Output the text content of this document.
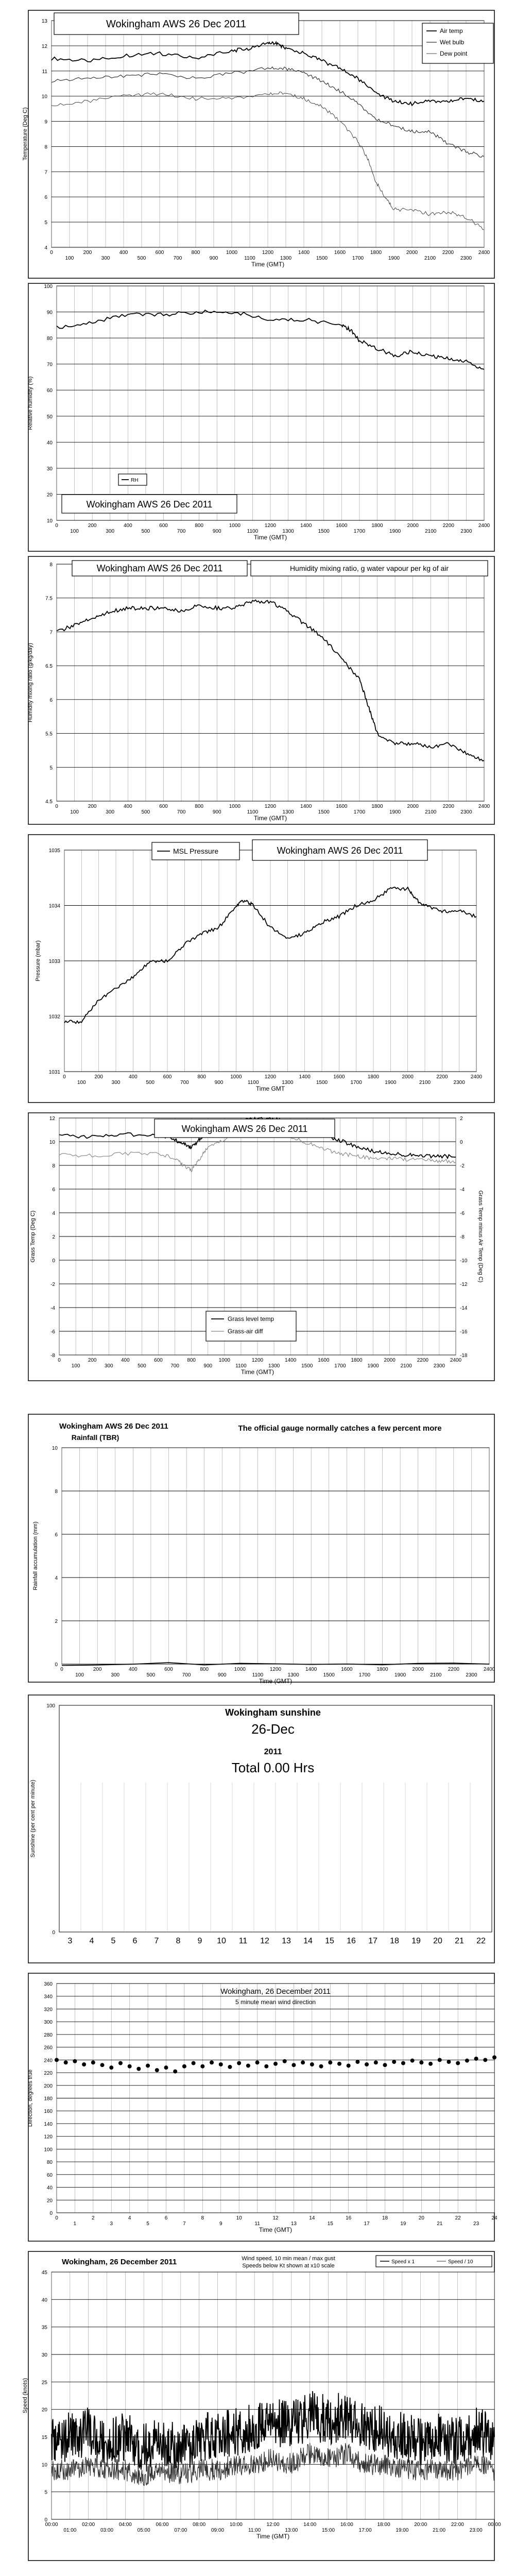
0
100
200
300
400
500
600
700
800
900
1000
1100
1200
1300
1400
1500
1600
1700
1800
1900
2000
2100
2200
2300
2400
4
5
6
7
8
9
10
11
12
13
Time (GMT)
Temperature (Deg C)
Wokingham AWS 26 Dec 2011
Air temp
Wet bulb
Dew point
0
100
200
300
400
500
600
700
800
900
1000
1100
1200
1300
1400
1500
1600
1700
1800
1900
2000
2100
2200
2300
2400
10
20
30
40
50
60
70
80
90
100
Time (GMT)
Relative humidity (%)
RH
Wokingham AWS 26 Dec 2011
0
100
200
300
400
500
600
700
800
900
1000
1100
1200
1300
1400
1500
1600
1700
1800
1900
2000
2100
2200
2300
2400
4.5
5
5.5
6
6.5
7
7.5
8
Time (GMT)
Humidity mixing ratio (g/kg/day)
Wokingham AWS 26 Dec 2011	Humidity mixing ratio, g water vapour per kg of air
0
100
200
300
400
500
600
700
800
900
1000
1100
1200
1300
1400
1500
1600
1700
1800
1900
2000
2100
2200
2300
2400
1031
1032
1033
1034
1035
Time GMT
Pressure (mbar)
MSL Pressure	Wokingham AWS 26 Dec 2011
0
100
200
300
400
500
600
700
800
900
1000
1100
1200
1300
1400
1500
1600
1700
1800
1900
2000
2100
2200
2300
2400
-8
-6
-4
-2
0
2
4
6
8
10
12
-18
-16
-14
-12
-10
-8
-6
-4
-2
0
2
Grass Temp minus Air Temp (Deg C)
Time (GMT)
Grass Temp (Deg C)
Wokingham AWS 26 Dec 2011
Grass level temp
Grass-air diff
0
100
200
300
400
500
600
700
800
900
1000
1100
1200
1300
1400
1500
1600
1700
1800
1900
2000
2100
2200
2300
2400
0
2
4
6
8
10
Time (GMT)
Rainfall accumulation (mm)
Wokingham AWS 26 Dec 2011
Rainfall (TBR)
The official gauge normally catches a few percent more
3 4 5 6 7 8 9 10 11 12 13 14 15 16 17 18 19 20 21 22
0
100
Sunshine (per cent per minute)
Wokingham sunshine
26-Dec
2011
Total 0.00 Hrs
0
1
2
3
4
5
6
7
8
9
10
11
12
13
14
15
16
17
18
19
20
21
22
23
24
0
20
40
60
80
100
120
140
160
180
200
220
240
260
280
300
320
340
360
Time (GMT)
Direction, degrees true
Wokingham, 26 December 2011
5 minute mean wind direction
00:00
01:00
02:00
03:00
04:00
05:00
06:00
07:00
08:00
09:00
10:00
11:00
12:00
13:00
14:00
15:00
16:00
17:00
18:00
19:00
20:00
21:00
22:00
23:00
00:00
0
5
10
15
20
25
30
35
40
45
Time (GMT)
Speed (knots)
Wokingham, 26 December 2011	Wind speed, 10 min mean / max gust
Speeds below Kt shown at x10 scale
Speed x 1	Speed / 10
